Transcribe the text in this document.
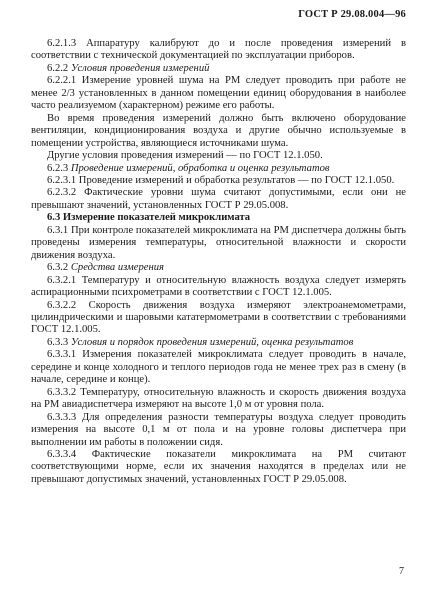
ГОСТ Р 29.08.004—96

6.2.1.3 Аппаратуру калибруют до и после проведения измерений в соответствии с технической документацией по эксплуатации приборов.

6.2.2 Условия проведения измерений

6.2.2.1 Измерение уровней шума на РМ следует проводить при работе не менее 2/3 установленных в данном помещении единиц оборудования в наиболее часто реализуемом (характерном) режиме его работы.

Во время проведения измерений должно быть включено оборудование вентиляции, кондиционирования воздуха и другие обычно используемые в помещении устройства, являющиеся источниками шума.

Другие условия проведения измерений — по ГОСТ 12.1.050.

6.2.3 Проведение измерений, обработка и оценка результатов

6.2.3.1 Проведение измерений и обработка результатов — по ГОСТ 12.1.050.

6.2.3.2 Фактические уровни шума считают допустимыми, если они не превышают значений, установленных ГОСТ Р 29.05.008.

6.3 Измерение показателей микроклимата

6.3.1 При контроле показателей микроклимата на РМ диспетчера должны быть проведены измерения температуры, относительной влажности и скорости движения воздуха.

6.3.2 Средства измерения

6.3.2.1 Температуру и относительную влажность воздуха следует измерять аспирационными психрометрами в соответствии с ГОСТ 12.1.005.

6.3.2.2 Скорость движения воздуха измеряют электроанемометрами, цилиндрическими и шаровыми кататермометрами в соответствии с требованиями ГОСТ 12.1.005.

6.3.3 Условия и порядок проведения измерений, оценка результатов

6.3.3.1 Измерения показателей микроклимата следует проводить в начале, середине и конце холодного и теплого периодов года не менее трех раз в смену (в начале, середине и конце).

6.3.3.2 Температуру, относительную влажность и скорость движения воздуха на РМ авиадиспетчера измеряют на высоте 1,0 м от уровня пола.

6.3.3.3 Для определения разности температуры воздуха следует проводить измерения на высоте 0,1 м от пола и на уровне головы диспетчера при выполнении им работы в положении сидя.

6.3.3.4 Фактические показатели микроклимата на РМ считают соответствующими норме, если их значения находятся в пределах или не превышают допустимых значений, установленных ГОСТ Р 29.05.008.

7
